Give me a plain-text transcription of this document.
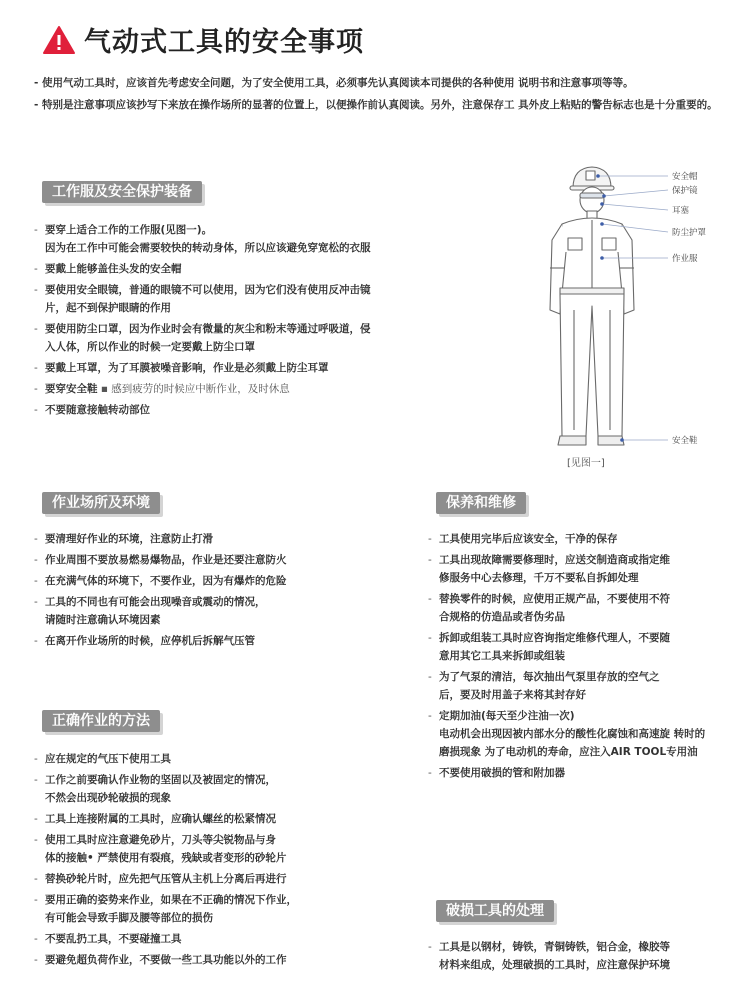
气动式工具的安全事项
- 使用气动工具时，应该首先考虑安全问题，为了安全使用工具，必须事先认真阅读本司提供的各种使用 说明书和注意事项等等。
- 特别是注意事项应该抄写下来放在操作场所的显著的位置上，以便操作前认真阅读。另外，注意保存工 具外皮上粘贴的警告标志也是十分重要的。
工作服及安全保护装备
- 要穿上适合工作的工作服(见图一)。
因为在工作中可能会需要较快的转动身体，所以应该避免穿宽松的衣服
- 要戴上能够盖住头发的安全帽
- 要使用安全眼镜，普通的眼镜不可以使用，因为它们没有使用反冲击镜
片，起不到保护眼睛的作用
- 要使用防尘口罩，因为作业时会有微量的灰尘和粉末等通过呼吸道，侵
入人体，所以作业的时候一定要戴上防尘口罩
- 要戴上耳罩，为了耳膜被噪音影响，作业是必须戴上防尘耳罩
- 要穿安全鞋 ▪ 感到疲劳的时候应中断作业，及时休息
- 不要随意接触转动部位
安全帽
保护镜
耳塞
防尘护罩
作业服
安全鞋
[见图一]
作业场所及环境
- 要清理好作业的环境，注意防止打滑
- 作业周围不要放易燃易爆物品，作业是还要注意防火
- 在充满气体的环境下，不要作业，因为有爆炸的危险
- 工具的不同也有可能会出现噪音或震动的情况，
请随时注意确认环境因素
- 在离开作业场所的时候，应停机后拆解气压管
正确作业的方法
- 应在规定的气压下使用工具
- 工作之前要确认作业物的坚固以及被固定的情况，
不然会出现砂轮破损的现象
- 工具上连接附属的工具时，应确认螺丝的松紧情况
- 使用工具时应注意避免砂片，刀头等尖锐物品与身
体的接触• 严禁使用有裂痕，残缺或者变形的砂轮片
- 替换砂轮片时，应先把气压管从主机上分离后再进行
- 要用正确的姿势来作业，如果在不正确的情况下作业，
有可能会导致手脚及腰等部位的损伤
- 不要乱扔工具，不要碰撞工具
- 要避免超负荷作业，不要做一些工具功能以外的工作
保养和维修
- 工具使用完毕后应该安全，干净的保存
- 工具出现故障需要修理时，应送交制造商或指定维
修服务中心去修理，千万不要私自拆卸处理
- 替换零件的时候，应使用正规产品，不要使用不符
合规格的仿造品或者伪劣品
- 拆卸或组装工具时应咨询指定维修代理人，不要随
意用其它工具来拆卸或组装
- 为了气泵的清洁，每次抽出气泵里存放的空气之
后，要及时用盖子来将其封存好
- 定期加油(每天至少注油一次)
电动机会出现因被内部水分的酸性化腐蚀和高速旋 转时的
磨损现象 为了电动机的寿命，应注入AIR TOOL专用油
- 不要使用破损的管和附加器
破损工具的处理
- 工具是以钢材，铸铁，青铜铸铁，铝合金，橡胶等
材料来组成，处理破损的工具时，应注意保护环境
